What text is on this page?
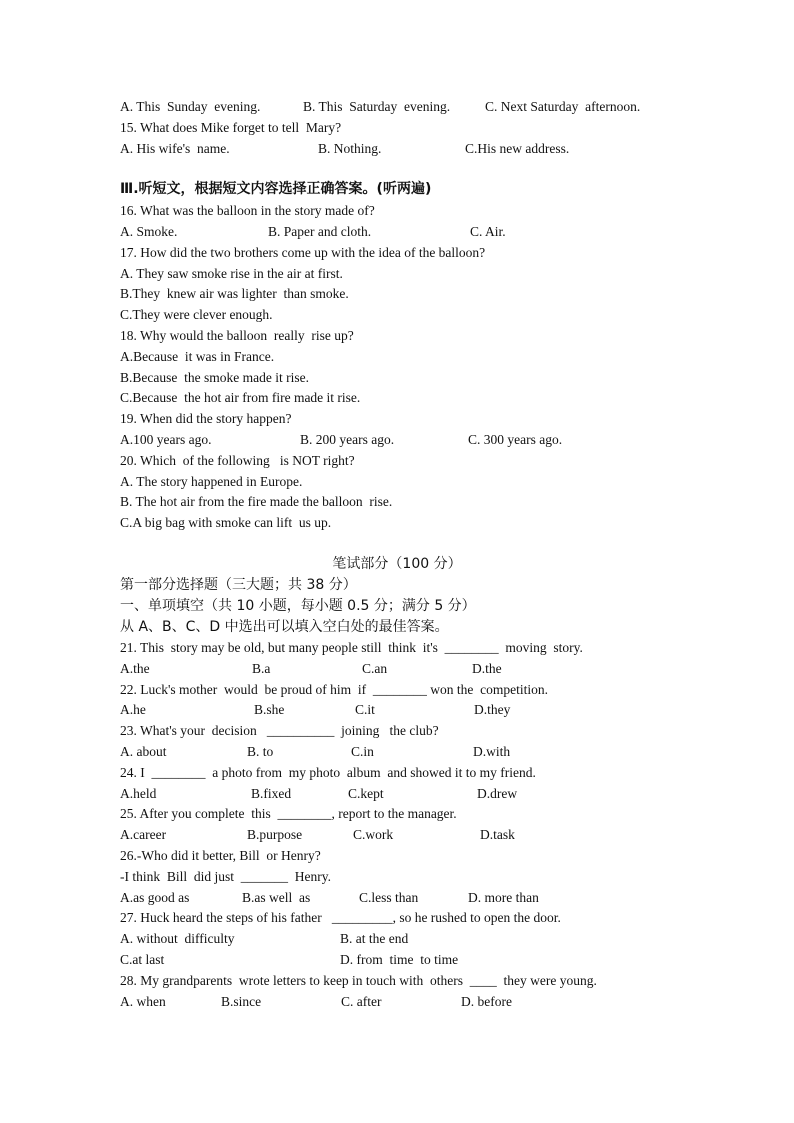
A. This  Sunday  evening.	B. This  Saturday  evening.	C. Next Saturday  afternoon.
15. What does Mike forget to tell  Mary?
A. His wife's  name.	B. Nothing.	C.His new address.
Ⅲ.听短文，根据短文内容选择正确答案。(听两遍)
16. What was the balloon in the story made of?
A. Smoke.	B. Paper and cloth.	C. Air.
17. How did the two brothers come up with the idea of the balloon?
A. They saw smoke rise in the air at first.
B.They  knew air was lighter  than smoke.
C.They were clever enough.
18. Why would the balloon  really  rise up?
A.Because  it was in France.
B.Because  the smoke made it rise.
C.Because  the hot air from fire made it rise.
19. When did the story happen?
A.100 years ago.	B. 200 years ago.	C. 300 years ago.
20. Which  of the following   is NOT right?
A. The story happened in Europe.
B. The hot air from the fire made the balloon  rise.
C.A big bag with smoke can lift  us up.
笔试部分（100 分）
第一部分选择题（三大题；共 38 分）
一、单项填空（共 10 小题，每小题 0.5 分；满分 5 分）
从 A、B、C、D 中选出可以填入空白处的最佳答案。
21. This  story may be old, but many people still  think  it's  ________  moving  story.
A.the	B.a	C.an	D.the
22. Luck's mother  would  be proud of him  if  ________ won the  competition.
A.he	B.she	C.it	D.they
23. What's your  decision   __________  joining   the club?
A. about	B. to	C.in	D.with
24. I  ________  a photo from  my photo  album  and showed it to my friend.
A.held	B.fixed	C.kept	D.drew
25. After you complete  this  ________, report to the manager.
A.career	B.purpose	C.work	D.task
26.-Who did it better, Bill  or Henry?
-I think  Bill  did just  _______  Henry.
A.as good as	B.as well  as	C.less than	D. more than
27. Huck heard the steps of his father   _________, so he rushed to open the door.
A. without  difficulty	B. at the end
C.at last	D. from  time  to time
28. My grandparents  wrote letters to keep in touch with  others  ____  they were young.
A. when	B.since	C. after	D. before
